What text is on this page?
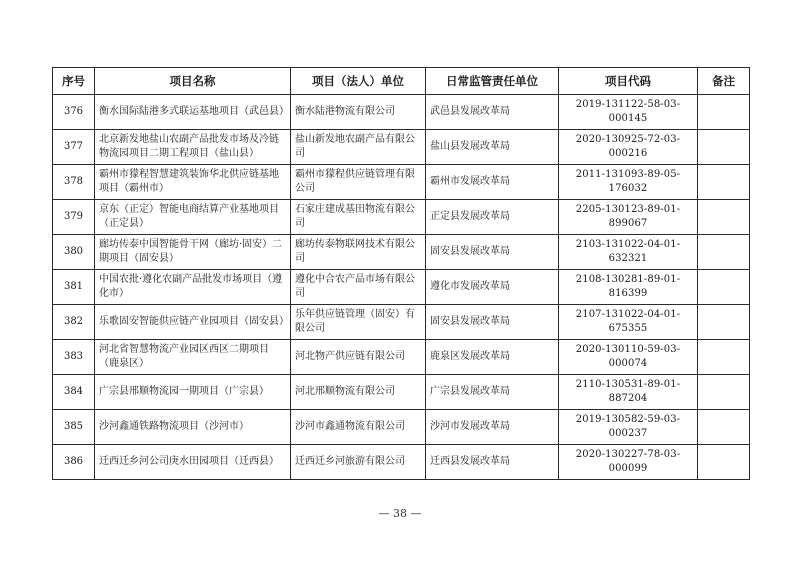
序号	项目名称	项目（法人）单位	日常监管责任单位	项目代码	备注
376	衡水国际陆港多式联运基地项目（武邑县）	衡水陆港物流有限公司	武邑县发展改革局	2019-131122-58-03-000145	
377	北京新发地盐山农副产品批发市场及冷链物流园项目二期工程项目（盐山县）	盐山新发地农副产品有限公司	盐山县发展改革局	2020-130925-72-03-000216	
378	霸州市獴程智慧建筑装饰华北供应链基地项目（霸州市）	霸州市獴程供应链管理有限公司	霸州市发展改革局	2011-131093-89-05-176032	
379	京东（正定）智能电商结算产业基地项目（正定县）	石家庄建成基田物流有限公司	正定县发展改革局	2205-130123-89-01-899067	
380	廊坊传泰中国智能骨干网（廊坊·固安）二期项目（固安县）	廊坊传泰物联网技术有限公司	固安县发展改革局	2103-131022-04-01-632321	
381	中国农批·遵化农副产品批发市场项目（遵化市）	遵化中合农产品市场有限公司	遵化市发展改革局	2108-130281-89-01-816399	
382	乐歌固安智能供应链产业园项目（固安县）	乐年供应链管理（固安）有限公司	固安县发展改革局	2107-131022-04-01-675355	
383	河北省智慧物流产业园区西区二期项目（鹿泉区）	河北物产供应链有限公司	鹿泉区发展改革局	2020-130110-59-03-000074	
384	广宗县邢顺物流园一期项目（广宗县）	河北邢顺物流有限公司	广宗县发展改革局	2110-130531-89-01-887204	
385	沙河鑫通铁路物流项目（沙河市）	沙河市鑫通物流有限公司	沙河市发展改革局	2019-130582-59-03-000237	
386	迁西迁乡河公司庚水田园项目（迁西县）	迁西迁乡河旅游有限公司	迁西县发展改革局	2020-130227-78-03-000099	
— 38 —
